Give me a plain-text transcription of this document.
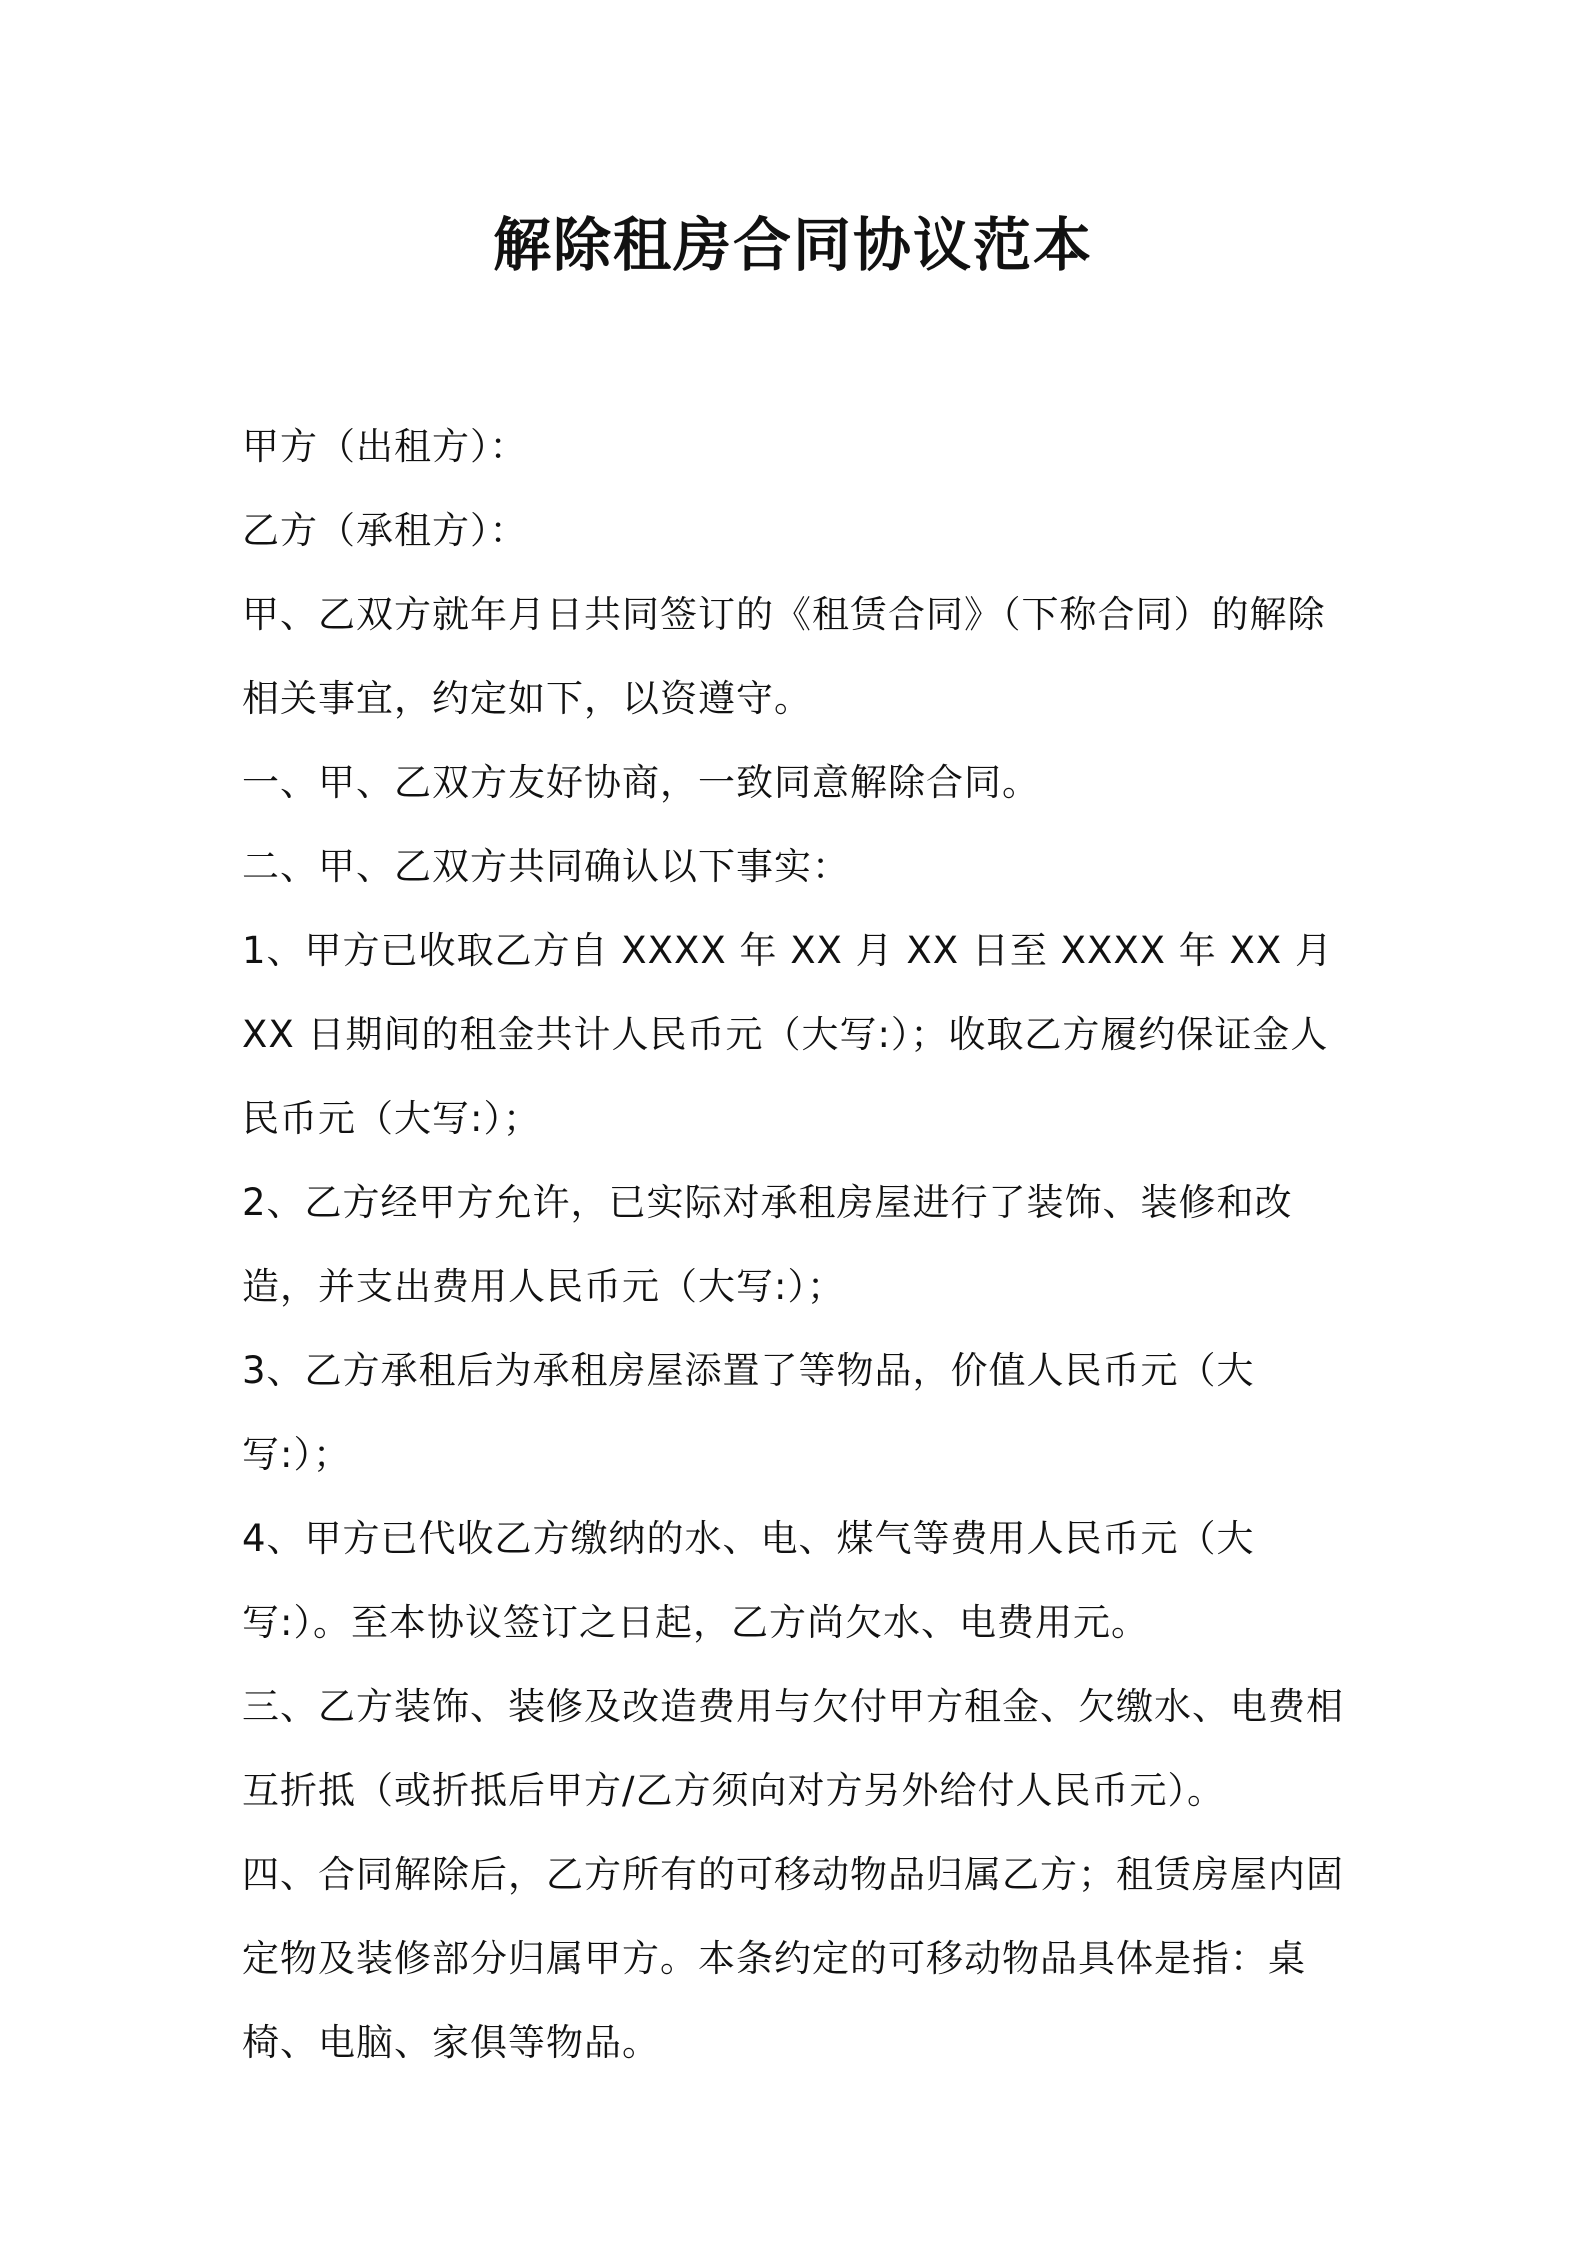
解除租房合同协议范本

甲方（出租方）：

乙方（承租方）：

甲、乙双方就年月日共同签订的《租赁合同》（下称合同）的解除相关事宜，约定如下，以资遵守。

一、甲、乙双方友好协商，一致同意解除合同。

二、甲、乙双方共同确认以下事实：

1、甲方已收取乙方自 XXXX 年 XX 月 XX 日至 XXXX 年 XX 月 XX 日期间的租金共计人民币元（大写:）；收取乙方履约保证金人民币元（大写:）；

2、乙方经甲方允许，已实际对承租房屋进行了装饰、装修和改造，并支出费用人民币元（大写:）；

3、乙方承租后为承租房屋添置了等物品，价值人民币元（大写:）；

4、甲方已代收乙方缴纳的水、电、煤气等费用人民币元（大写:）。至本协议签订之日起，乙方尚欠水、电费用元。

三、乙方装饰、装修及改造费用与欠付甲方租金、欠缴水、电费相互折抵（或折抵后甲方/乙方须向对方另外给付人民币元）。

四、合同解除后，乙方所有的可移动物品归属乙方；租赁房屋内固定物及装修部分归属甲方。本条约定的可移动物品具体是指：桌椅、电脑、家俱等物品。
